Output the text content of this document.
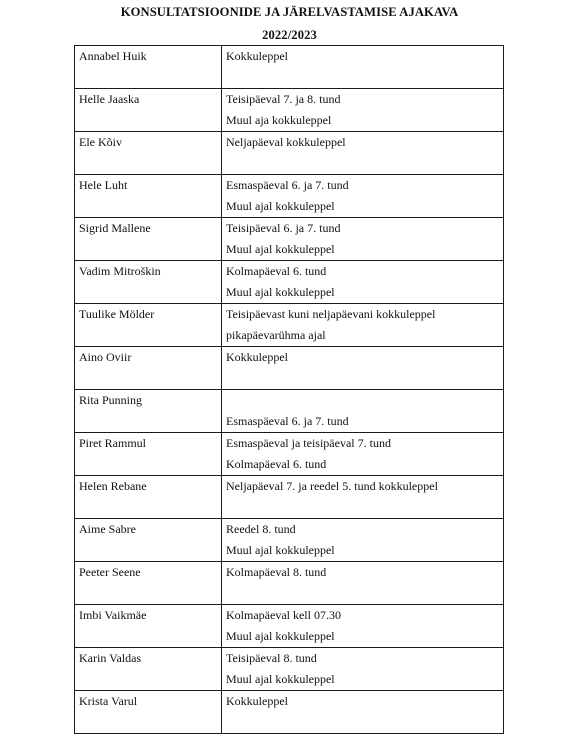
KONSULTATSIOONIDE JA JÄRELVASTAMISE AJAKAVA
2022/2023
Annabel Huik	Kokkuleppel

Helle Jaaska	Teisipäeval 7. ja 8. tund
Muul aja kokkuleppel

Ele Kõiv	Neljapäeval kokkuleppel

Hele Luht	Esmaspäeval 6. ja 7. tund
Muul ajal kokkuleppel

Sigrid Mallene	Teisipäeval 6. ja 7. tund
Muul ajal kokkuleppel

Vadim Mitroškin	Kolmapäeval 6. tund
Muul ajal kokkuleppel

Tuulike Mölder	Teisipäevast kuni neljapäevani kokkuleppel
pikapäevarühma ajal

Aino Oviir	Kokkuleppel

Rita Punning	Esmaspäeval 6. ja 7. tund

Piret Rammul	Esmaspäeval ja teisipäeval 7. tund
Kolmapäeval 6. tund

Helen Rebane	Neljapäeval 7. ja reedel 5. tund kokkuleppel

Aime Sabre	Reedel 8. tund
Muul ajal kokkuleppel

Peeter Seene	Kolmapäeval 8. tund

Imbi Vaikmäe	Kolmapäeval kell 07.30
Muul ajal kokkuleppel

Karin Valdas	Teisipäeval 8. tund
Muul ajal kokkuleppel

Krista Varul	Kokkuleppel
